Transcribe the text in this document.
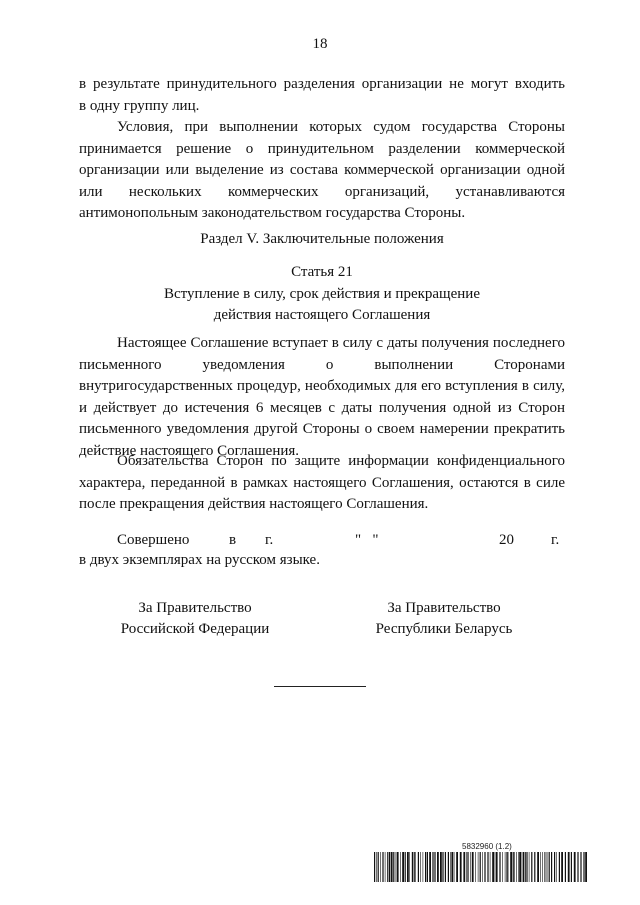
18

в результате принудительного разделения организации не могут входить

в одну группу лиц.

Условия, при выполнении которых судом государства Стороны принимается решение о принудительном разделении коммерческой организации или выделение из состава коммерческой организации одной или нескольких коммерческих организаций, устанавливаются антимонопольным законодательством государства Стороны.
Раздел V. Заключительные положения

Статья 21

Вступление в силу, срок действия и прекращение

действия настоящего Соглашения

Настоящее Соглашение вступает в силу с даты получения последнего письменного уведомления о выполнении Сторонами внутригосударственных процедур, необходимых для его вступления в силу, и действует до истечения 6 месяцев с даты получения одной из Сторон письменного уведомления другой Стороны о своем намерении прекратить действие настоящего Соглашения.
Обязательства Сторон по защите информации конфиденциального характера, переданной в рамках настоящего Соглашения, остаются в силе после прекращения действия настоящего Соглашения.
Совершено	в г.	"   "	20 г.
в двух экземплярах на русском языке.

За Правительство

Российской Федерации

За Правительство

Республики Беларусь

5832960 (1.2)
